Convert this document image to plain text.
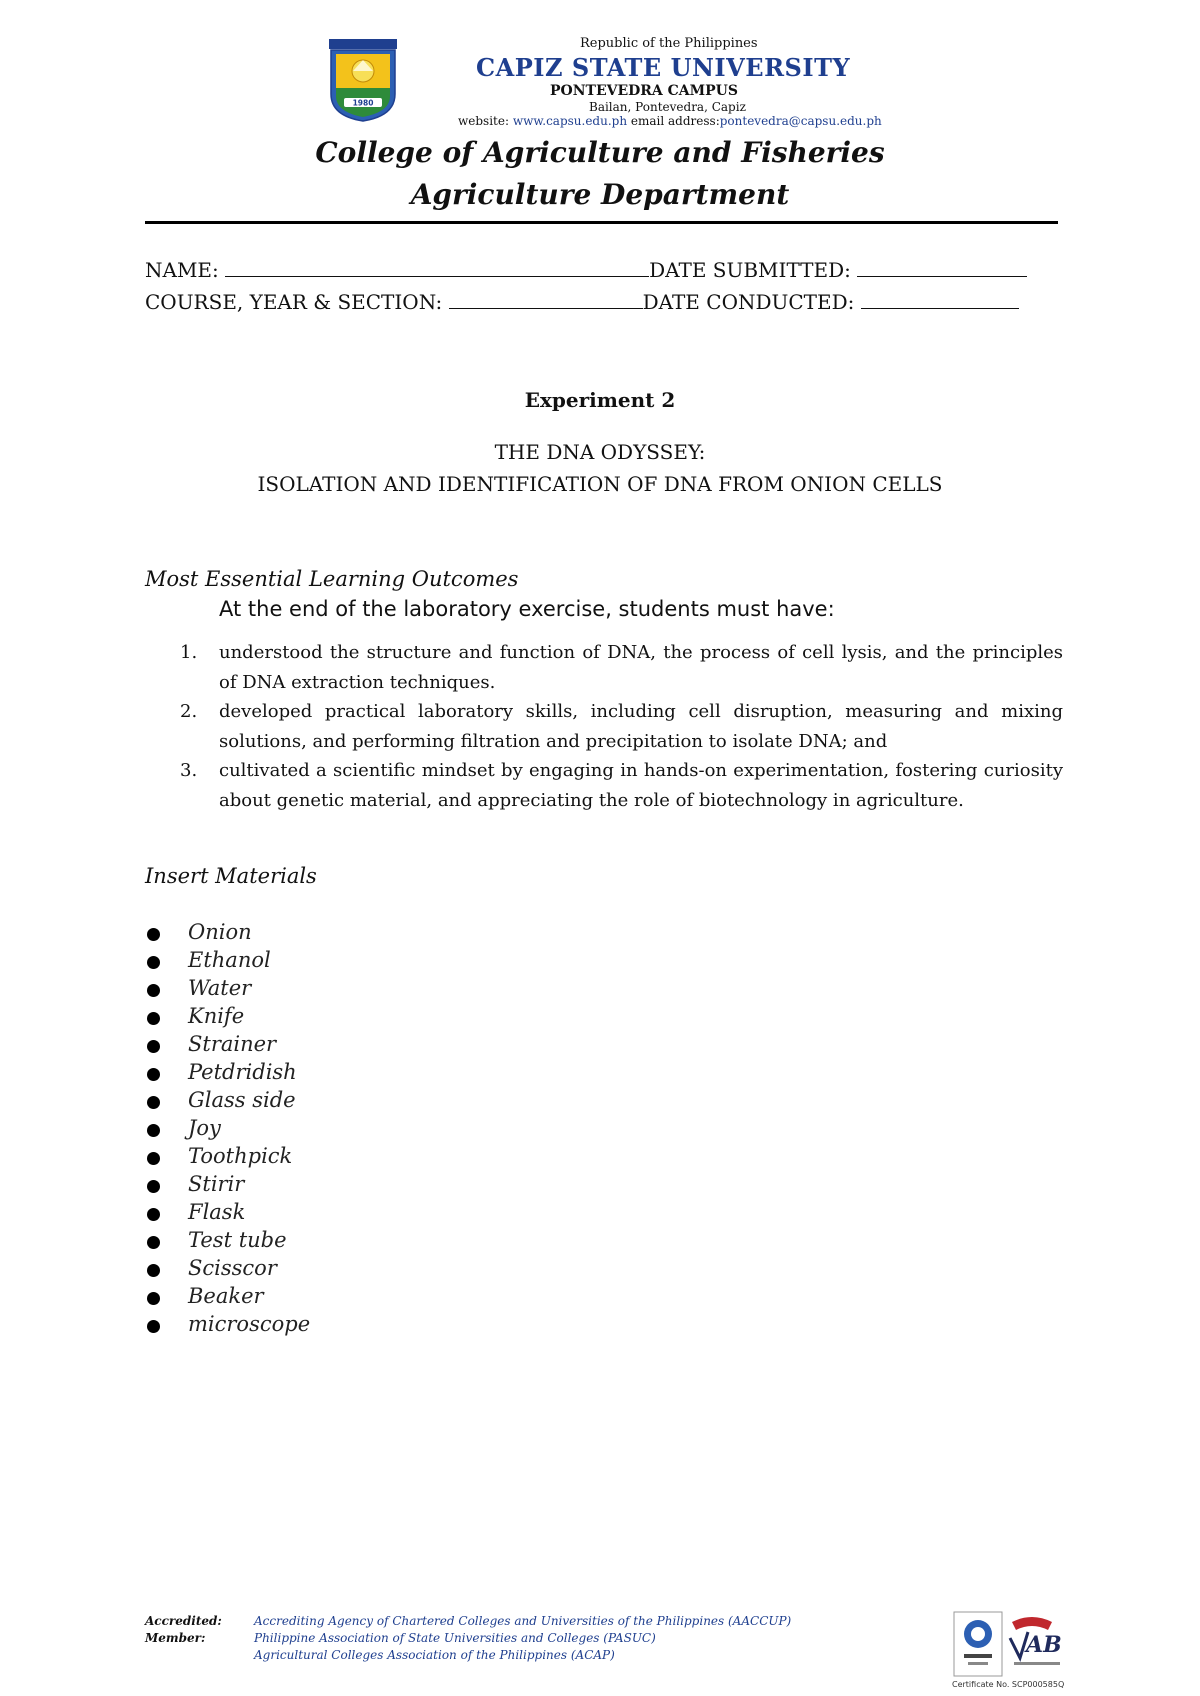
1980
Republic of the Philippines
CAPIZ STATE UNIVERSITY
PONTEVEDRA CAMPUS
Bailan, Pontevedra, Capiz
website: www.capsu.edu.ph email address:pontevedra@capsu.edu.ph
College of Agriculture and Fisheries
Agriculture Department
NAME:	DATE SUBMITTED:
COURSE, YEAR & SECTION:	DATE CONDUCTED:
Experiment 2
THE DNA ODYSSEY:
ISOLATION AND IDENTIFICATION OF DNA FROM ONION CELLS
Most Essential Learning Outcomes
At the end of the laboratory exercise, students must have:
1. understood the structure and function of DNA, the process of cell lysis, and the principles of DNA extraction techniques.
2. developed practical laboratory skills, including cell disruption, measuring and mixing solutions, and performing filtration and precipitation to isolate DNA; and
3. cultivated a scientific mindset by engaging in hands-on experimentation, fostering curiosity about genetic material, and appreciating the role of biotechnology in agriculture.
Insert Materials
Onion
Ethanol
Water
Knife
Strainer
Petdridish
Glass side
Joy
Toothpick
Stirir
Flask
Test tube
Scisscor
Beaker
microscope
Accredited:	Accrediting Agency of Chartered Colleges and Universities of the Philippines (AACCUP)
Member:	Philippine Association of State Universities and Colleges (PASUC)
Agricultural Colleges Association of the Philippines (ACAP)	AB
Certificate No. SCP000585Q
